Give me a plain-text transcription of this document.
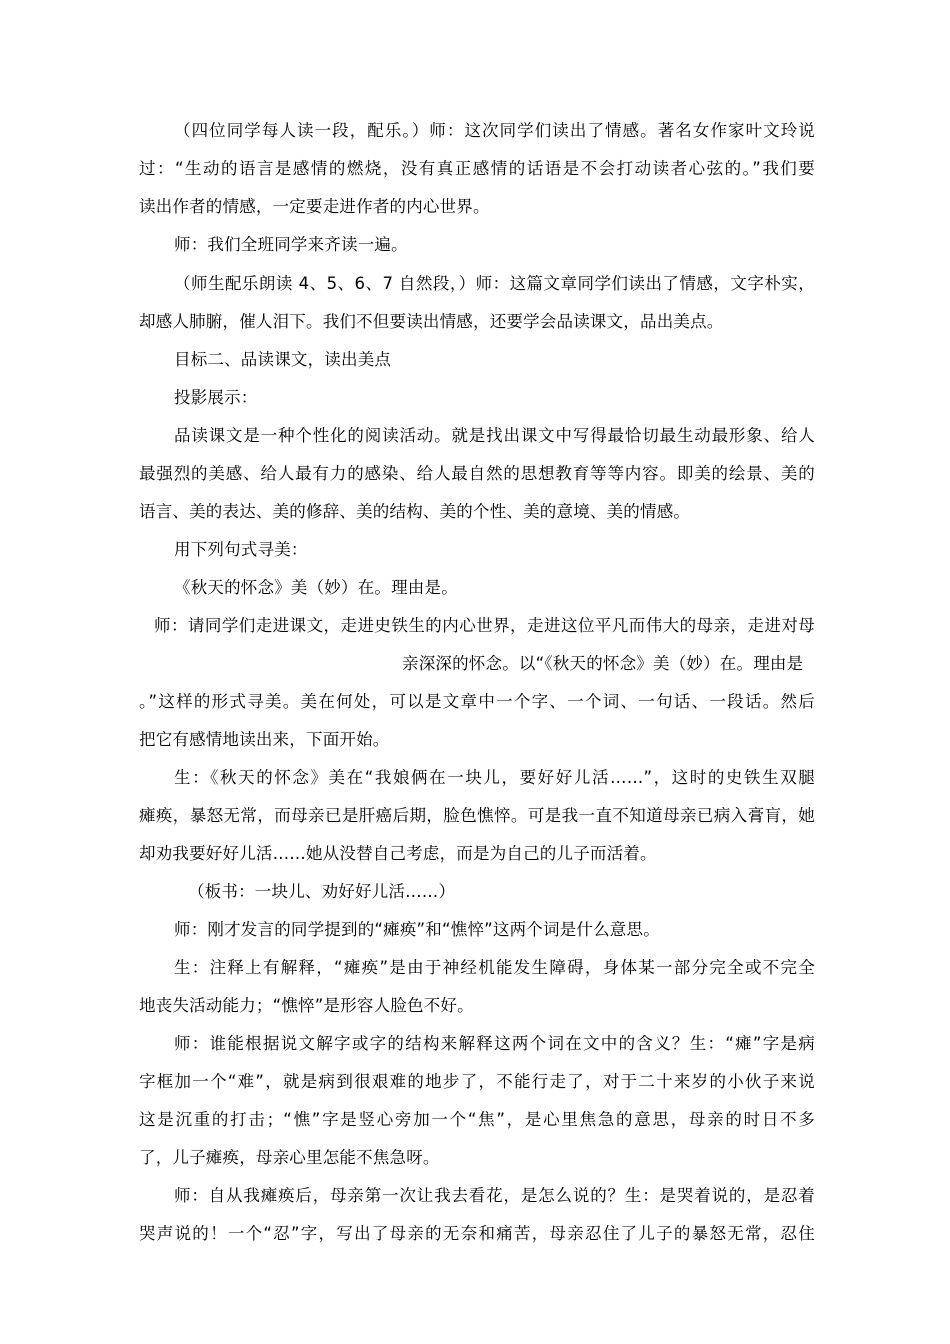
（四位同学每人读一段，配乐。）师：这次同学们读出了情感。著名女作家叶文玲说
过：“生动的语言是感情的燃烧，没有真正感情的话语是不会打动读者心弦的。”我们要
读出作者的情感，一定要走进作者的内心世界。
师：我们全班同学来齐读一遍。
（师生配乐朗读 4、5、6、7 自然段，）师：这篇文章同学们读出了情感，文字朴实，
却感人肺腑，催人泪下。我们不但要读出情感，还要学会品读课文，品出美点。
目标二、品读课文，读出美点
投影展示：
品读课文是一种个性化的阅读活动。就是找出课文中写得最恰切最生动最形象、给人
最强烈的美感、给人最有力的感染、给人最自然的思想教育等等内容。即美的绘景、美的
语言、美的表达、美的修辞、美的结构、美的个性、美的意境、美的情感。
用下列句式寻美：
《秋天的怀念》美（妙）在。理由是。
师：请同学们走进课文，走进史铁生的内心世界，走进这位平凡而伟大的母亲，走进对母
亲深深的怀念。以“《秋天的怀念》美（妙）在。理由是
。”这样的形式寻美。美在何处，可以是文章中一个字、一个词、一句话、一段话。然后
把它有感情地读出来，下面开始。
生：《秋天的怀念》美在“我娘俩在一块儿，要好好儿活……”，这时的史铁生双腿
瘫痪，暴怒无常，而母亲已是肝癌后期，脸色憔悴。可是我一直不知道母亲已病入膏肓，她
却劝我要好好儿活……她从没替自己考虑，而是为自己的儿子而活着。
（板书：一块儿、劝好好儿活……）
师：刚才发言的同学提到的“瘫痪”和“憔悴”这两个词是什么意思。
生：注释上有解释，“瘫痪”是由于神经机能发生障碍，身体某一部分完全或不完全
地丧失活动能力；“憔悴”是形容人脸色不好。
师：谁能根据说文解字或字的结构来解释这两个词在文中的含义？生：“瘫”字是病
字框加一个“难”，就是病到很艰难的地步了，不能行走了，对于二十来岁的小伙子来说
这是沉重的打击；“憔”字是竖心旁加一个“焦”，是心里焦急的意思，母亲的时日不多
了，儿子瘫痪，母亲心里怎能不焦急呀。
师：自从我瘫痪后，母亲第一次让我去看花，是怎么说的？生：是哭着说的，是忍着
哭声说的！一个“忍”字，写出了母亲的无奈和痛苦，母亲忍住了儿子的暴怒无常，忍住
